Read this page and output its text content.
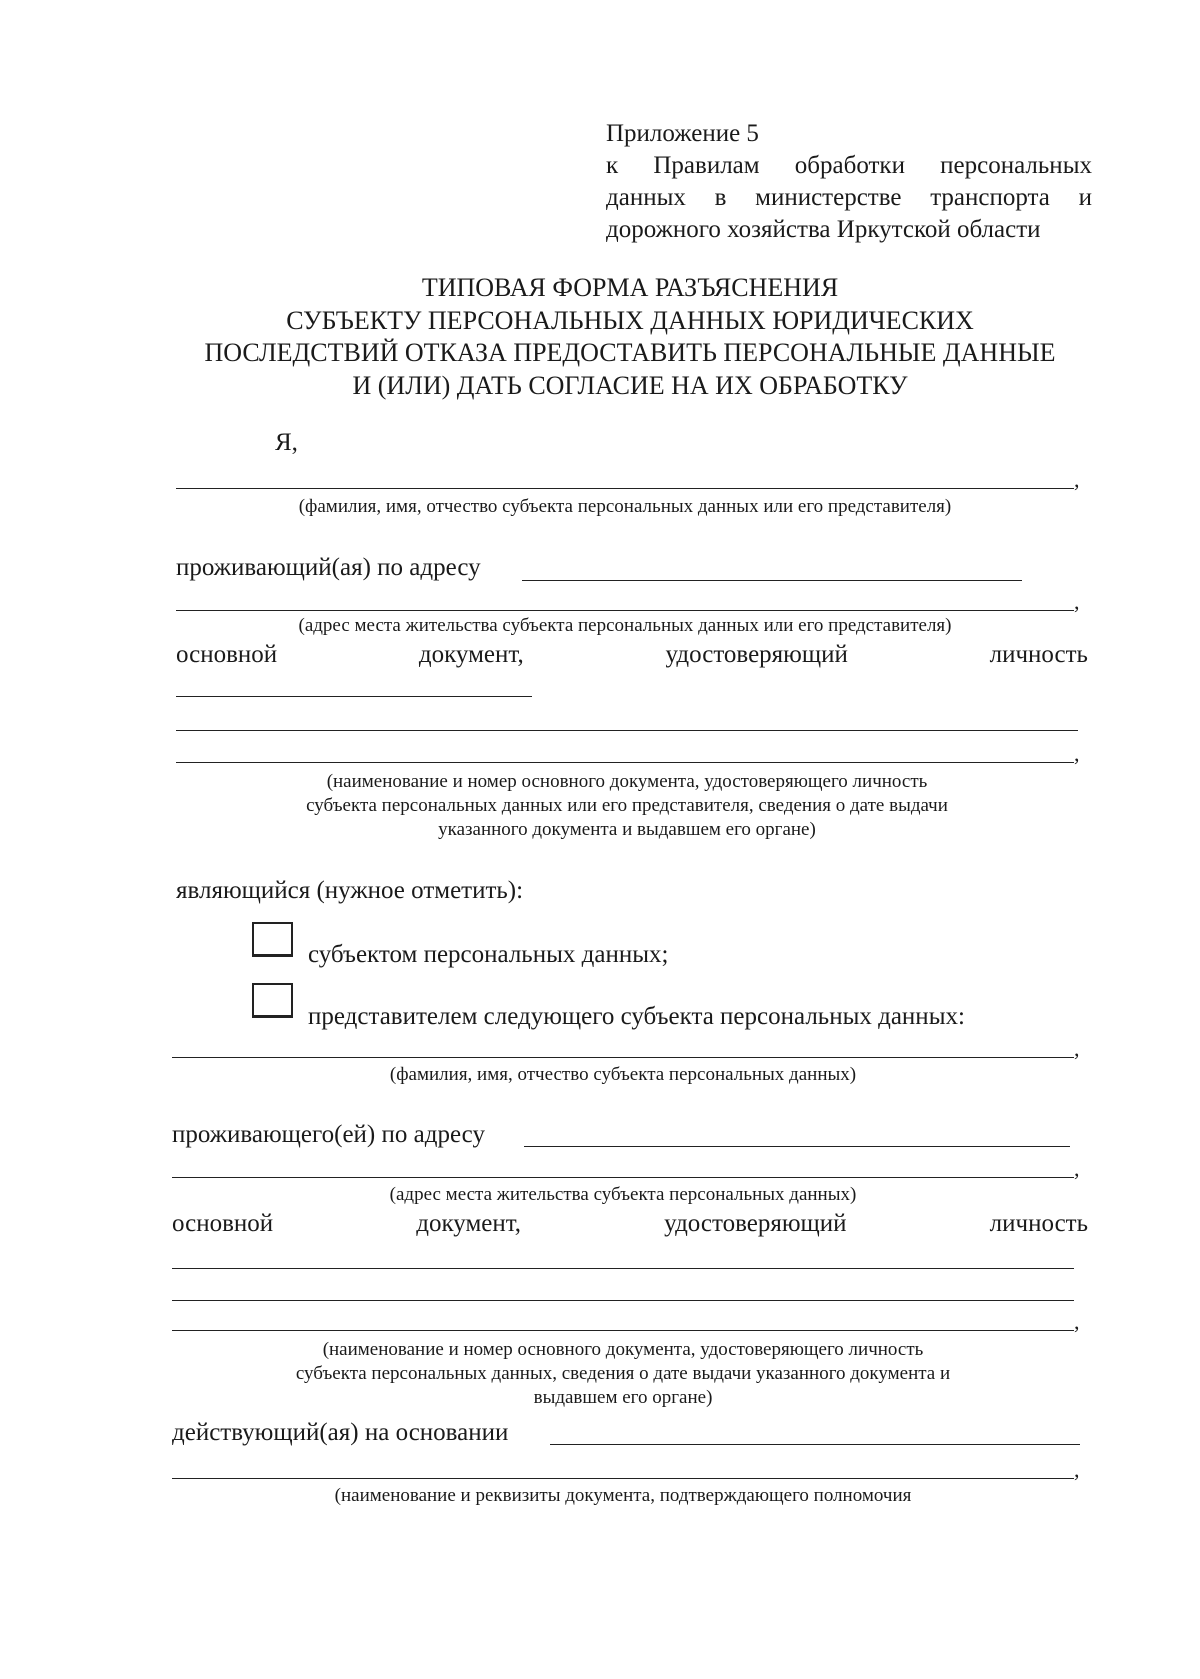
Приложение 5
к Правилам обработки персональных
данных в министерстве транспорта и
дорожного хозяйства Иркутской области
ТИПОВАЯ ФОРМА РАЗЪЯСНЕНИЯ
СУБЪЕКТУ ПЕРСОНАЛЬНЫХ ДАННЫХ ЮРИДИЧЕСКИХ
ПОСЛЕДСТВИЙ ОТКАЗА ПРЕДОСТАВИТЬ ПЕРСОНАЛЬНЫЕ ДАННЫЕ
И (ИЛИ) ДАТЬ СОГЛАСИЕ НА ИХ ОБРАБОТКУ
Я,
,
(фамилия, имя, отчество субъекта персональных данных или его представителя)
проживающий(ая) по адресу
,
(адрес места жительства субъекта персональных данных или его представителя)
основной	документ,	удостоверяющий	личность
,
(наименование и номер основного документа, удостоверяющего личность
субъекта персональных данных или его представителя, сведения о дате выдачи
указанного документа и выдавшем его органе)
являющийся (нужное отметить):
субъектом персональных данных;
представителем следующего субъекта персональных данных:
,
(фамилия, имя, отчество субъекта персональных данных)
проживающего(ей) по адресу
,
(адрес места жительства субъекта персональных данных)
основной	документ,	удостоверяющий	личность
,
(наименование и номер основного документа, удостоверяющего личность
субъекта персональных данных, сведения о дате выдачи указанного документа и
выдавшем его органе)
действующий(ая) на основании
,
(наименование и реквизиты документа, подтверждающего полномочия
